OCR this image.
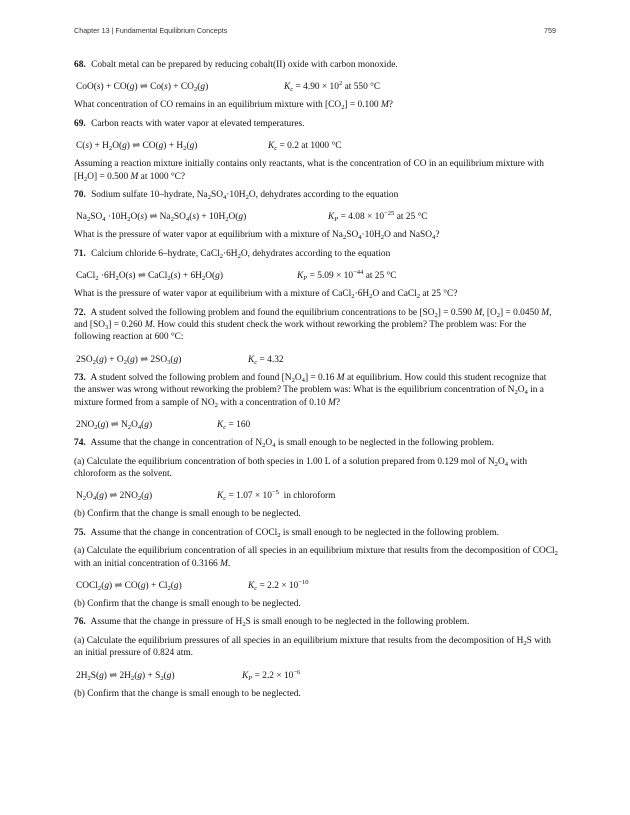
Chapter 13 | Fundamental Equilibrium Concepts	759

68. Cobalt metal can be prepared by reducing cobalt(II) oxide with carbon monoxide.

CoO(s) + CO(g) ⇌ $Co(s) + CO_2(g)$	$K_c = 4.90 \times 10^2$ at 550 °C

What concentration of CO remains in an equilibrium mixture with $[CO_2] = 0.100$ M?

69. Carbon reacts with water vapor at elevated temperatures.

$C(s) + H_2O(g)$ ⇌ $CO(g) + H_2(g)$	$K_c = 0.2$ at 1000 °C

Assuming a reaction mixture initially contains only reactants, what is the concentration of CO in an equilibrium mixture with $[H_2O] = 0.500$ M at 1000 °C?

70. Sodium sulfate 10–hydrate, $Na_2SO_4\cdot 10H_2O$, dehydrates according to the equation

$Na_2SO_4 \cdot 10H_2O(s)$ ⇌ $Na_2SO_4(s) + 10H_2O(g)$	$K_P = 4.08 \times 10^{-25}$ at 25 °C

What is the pressure of water vapor at equilibrium with a mixture of $Na_2SO_4\cdot 10H_2O$ and NaSO$_4$?

71. Calcium chloride 6–hydrate, $CaCl_2\cdot 6H_2O$, dehydrates according to the equation

CaCl$_2$ $\cdot 6H_2O(s)$ ⇌ CaCl$_2$(s) + $6H_2O(g)$	$K_P = 5.09 \times 10^{-44}$ at 25 °C

What is the pressure of water vapor at equilibrium with a mixture of $CaCl_2\cdot 6H_2O$ and CaCl$_2$ at 25 °C?

72. A student solved the following problem and found the equilibrium concentrations to be $[SO_2] = 0.590$ M, $[O_2] = 0.0450$ M, and $[SO_3] = 0.260$ M. How could this student check the work without reworking the problem? The problem was: For the following reaction at 600 °C:

$2SO_2(g) + O_2(g)$ ⇌ $2SO_3(g)$	$K_c = 4.32$

73. A student solved the following problem and found $[N_2O_4] = 0.16$ M at equilibrium. How could this student recognize that the answer was wrong without reworking the problem? The problem was: What is the equilibrium concentration of $N_2O_4$ in a mixture formed from a sample of $NO_2$ with a concentration of 0.10 M?

$2NO_2(g)$ ⇌ $N_2O_4(g)$	$K_c = 160$

74. Assume that the change in concentration of $N_2O_4$ is small enough to be neglected in the following problem.

(a) Calculate the equilibrium concentration of both species in 1.00 L of a solution prepared from 0.129 mol of $N_2O_4$ with chloroform as the solvent.

$N_2O_4(g)$ ⇌ $2NO_2(g)$	$K_c = 1.07 \times 10^{-5}$  in chloroform

(b) Confirm that the change is small enough to be neglected.

75. Assume that the change in concentration of COCl$_2$ is small enough to be neglected in the following problem.

(a) Calculate the equilibrium concentration of all species in an equilibrium mixture that results from the decomposition of COCl$_2$ with an initial concentration of 0.3166 M.

COCl$_2$(g) ⇌ $CO(g) + Cl_2(g)$	$K_c = 2.2 \times 10^{-10}$

(b) Confirm that the change is small enough to be neglected.

76. Assume that the change in pressure of $H_2S$ is small enough to be neglected in the following problem.

(a) Calculate the equilibrium pressures of all species in an equilibrium mixture that results from the decomposition of $H_2S$ with an initial pressure of 0.824 atm.

$2H_2S(g)$ ⇌ $2H_2(g) + S_2(g)$	$K_P = 2.2 \times 10^{-6}$

(b) Confirm that the change is small enough to be neglected.
